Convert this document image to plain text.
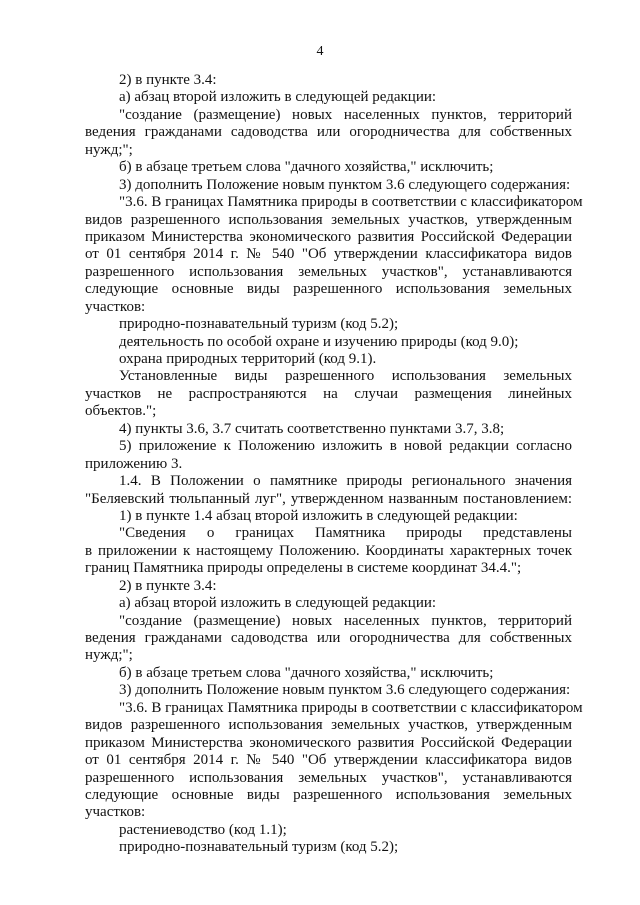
4
2) в пункте 3.4:
а) абзац второй изложить в следующей редакции:
"создание (размещение) новых населенных пунктов, территорий
ведения гражданами садоводства или огородничества для собственных
нужд;";
б) в абзаце третьем слова "дачного хозяйства," исключить;
3) дополнить Положение новым пунктом 3.6 следующего содержания:
"3.6. В границах Памятника природы в соответствии с классификатором
видов разрешенного использования земельных участков, утвержденным
приказом Министерства экономического развития Российской Федерации
от 01 сентября 2014 г. № 540 "Об утверждении классификатора видов
разрешенного использования земельных участков", устанавливаются
следующие основные виды разрешенного использования земельных
участков:
природно-познавательный туризм (код 5.2);
деятельность по особой охране и изучению природы (код 9.0);
охрана природных территорий (код 9.1).
Установленные виды разрешенного использования земельных
участков не распространяются на случаи размещения линейных
объектов.";
4) пункты 3.6, 3.7 считать соответственно пунктами 3.7, 3.8;
5) приложение к Положению изложить в новой редакции согласно
приложению 3.
1.4. В Положении о памятнике природы регионального значения
"Беляевский тюльпанный луг", утвержденном названным постановлением:
1) в пункте 1.4 абзац второй изложить в следующей редакции:
"Сведения о границах Памятника природы представлены
в приложении к настоящему Положению. Координаты характерных точек
границ Памятника природы определены в системе координат 34.4.";
2) в пункте 3.4:
а) абзац второй изложить в следующей редакции:
"создание (размещение) новых населенных пунктов, территорий
ведения гражданами садоводства или огородничества для собственных
нужд;";
б) в абзаце третьем слова "дачного хозяйства," исключить;
3) дополнить Положение новым пунктом 3.6 следующего содержания:
"3.6. В границах Памятника природы в соответствии с классификатором
видов разрешенного использования земельных участков, утвержденным
приказом Министерства экономического развития Российской Федерации
от 01 сентября 2014 г. № 540 "Об утверждении классификатора видов
разрешенного использования земельных участков", устанавливаются
следующие основные виды разрешенного использования земельных
участков:
растениеводство (код 1.1);
природно-познавательный туризм (код 5.2);
